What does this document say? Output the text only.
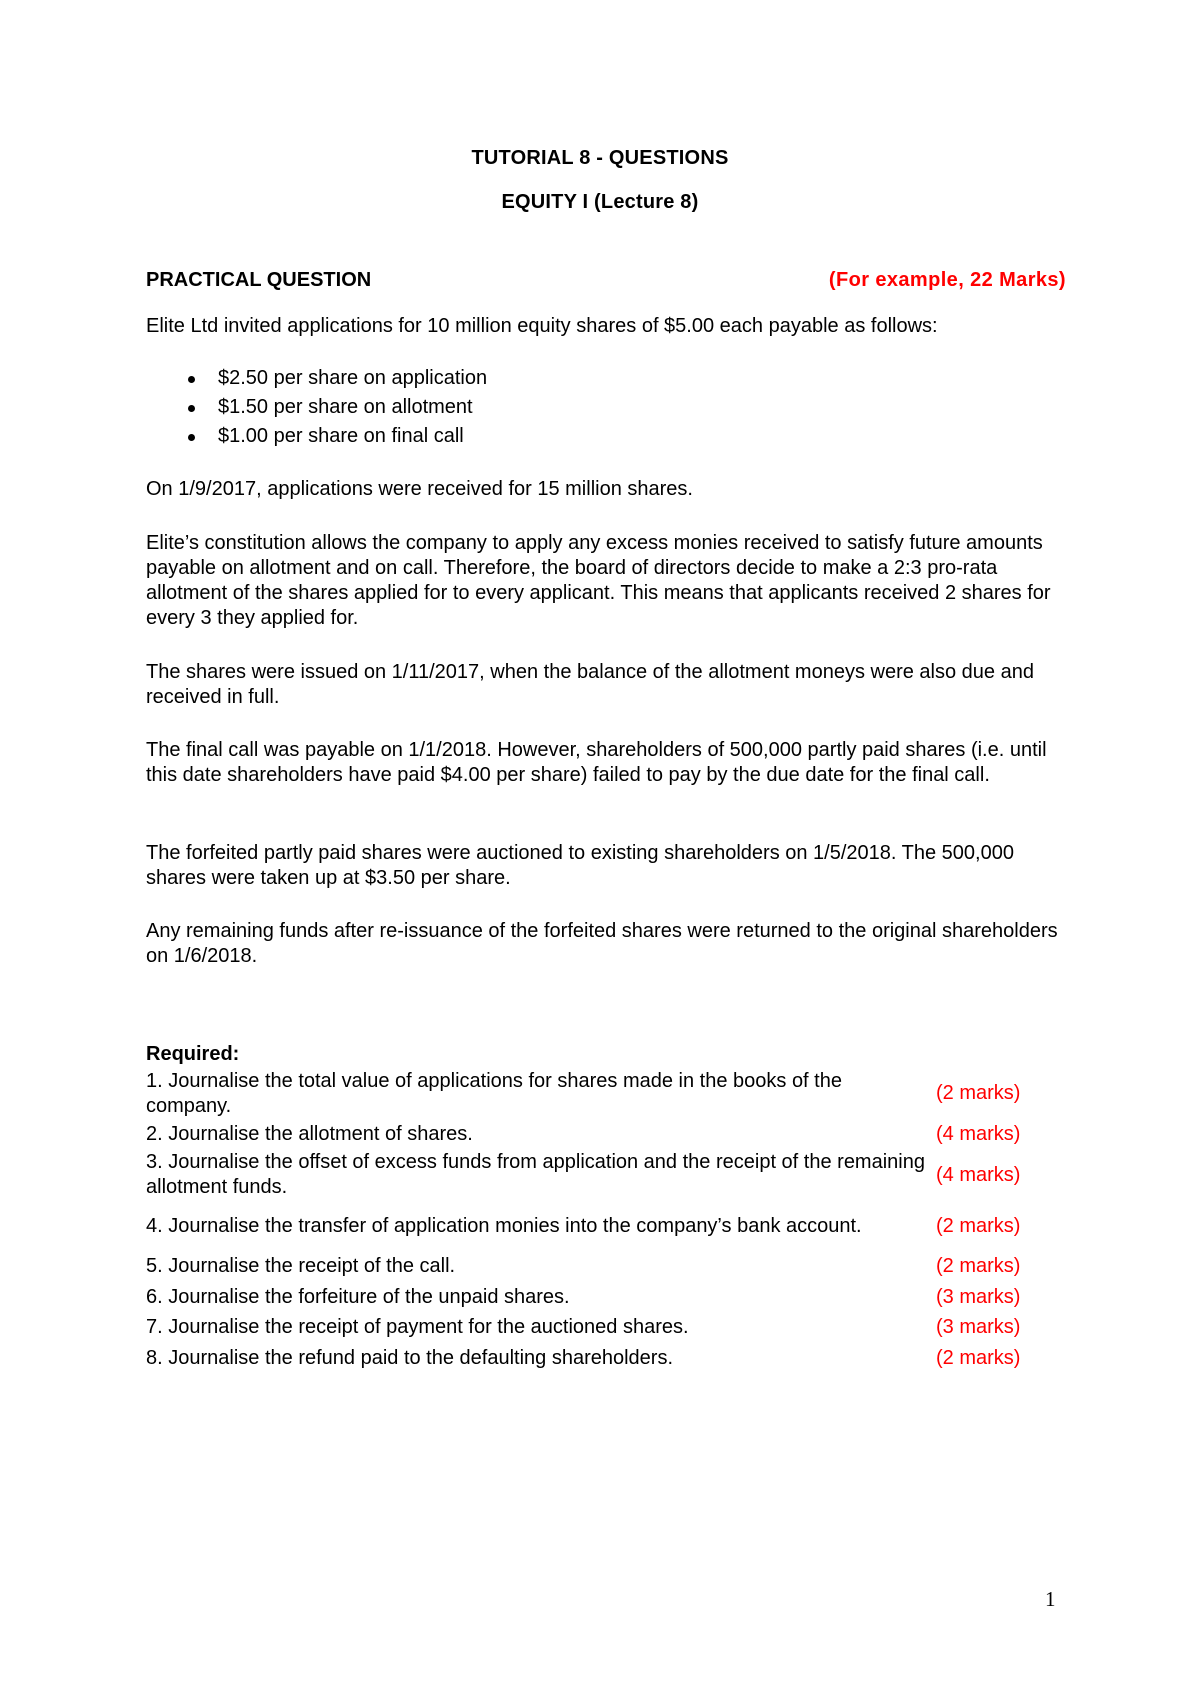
TUTORIAL 8 - QUESTIONS
EQUITY I (Lecture 8)
PRACTICAL QUESTION	(For example, 22 Marks)

Elite Ltd invited applications for 10 million equity shares of $5.00 each payable as follows:

$2.50 per share on application
$1.50 per share on allotment
$1.00 per share on final call

On 1/9/2017, applications were received for 15 million shares.

Elite’s constitution allows the company to apply any excess monies received to satisfy future amounts payable on allotment and on call. Therefore, the board of directors decide to make a 2:3 pro-rata allotment of the shares applied for to every applicant. This means that applicants received 2 shares for every 3 they applied for.

The shares were issued on 1/11/2017, when the balance of the allotment moneys were also due and received in full.

The final call was payable on 1/1/2018. However, shareholders of 500,000 partly paid shares (i.e. until this date shareholders have paid $4.00 per share) failed to pay by the due date for the final call.

The forfeited partly paid shares were auctioned to existing shareholders on 1/5/2018. The 500,000 shares were taken up at $3.50 per share.

Any remaining funds after re-issuance of the forfeited shares were returned to the original shareholders on 1/6/2018.

Required:
1. Journalise the total value of applications for shares made in the books of the company.
(2 marks)
2. Journalise the allotment of shares.	(4 marks)
3. Journalise the offset of excess funds from application and the receipt of the remaining allotment funds.
(4 marks)
4. Journalise the transfer of application monies into the company’s bank account.	(2 marks)
5. Journalise the receipt of the call.	(2 marks)
6. Journalise the forfeiture of the unpaid shares.	(3 marks)
7. Journalise the receipt of payment for the auctioned shares.	(3 marks)
8. Journalise the refund paid to the defaulting shareholders.	(2 marks)
1
